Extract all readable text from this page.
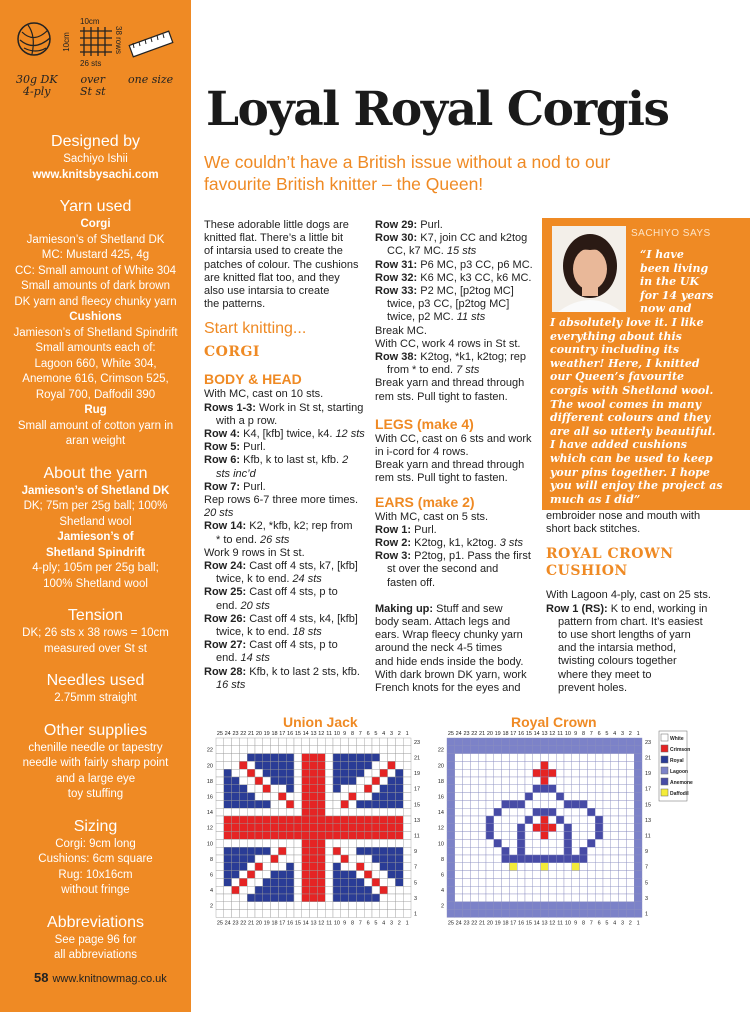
10cm
10cm	38 rows
26 sts
30g DK
4-ply
over
St st
one size
Designed by
Sachiyo Ishii
www.knitsbysachi.com
Yarn used
Corgi
Jamieson’s of Shetland DK
MC: Mustard 425, 4g
CC: Small amount of White 304
Small amounts of dark brown
DK yarn and fleecy chunky yarn
Cushions
Jamieson’s of Shetland Spindrift
Small amounts each of:
Lagoon 660, White 304,
Anemone 616, Crimson 525,
Royal 700, Daffodil 390
Rug
Small amount of cotton yarn in
aran weight
About the yarn
Jamieson’s of Shetland DK
DK; 75m per 25g ball; 100%
Shetland wool
Jamieson’s of
Shetland Spindrift
4-ply; 105m per 25g ball;
100% Shetland wool
Tension
DK; 26 sts x 38 rows = 10cm
measured over St st
Needles used
2.75mm straight
Other supplies
chenille needle or tapestry
needle with fairly sharp point
and a large eye
toy stuffing
Sizing
Corgi: 9cm long
Cushions: 6cm square
Rug: 10x16cm
without fringe
Abbreviations
See page 96 for
all abbreviations
58 www.knitnowmag.co.uk
Loyal Royal Corgis
We couldn’t have a British issue without a nod to our favourite British knitter – the Queen!

These adorable little dogs are

knitted flat. There’s a little bit

of intarsia used to create the

patches of colour. The cushions

are knitted flat too, and they

also use intarsia to create

the patterns.

Start knitting...
CORGI
BODY & HEAD

With MC, cast on 10 sts.

Rows 1-3: Work in St st, starting

with a p row.

Row 4: K4, [kfb] twice, k4. 12 sts

Row 5: Purl.

Row 6: Kfb, k to last st, kfb. 2

sts inc’d

Row 7: Purl.

Rep rows 6-7 three more times.

20 sts

Row 14: K2, *kfb, k2; rep from

* to end. 26 sts

Work 9 rows in St st.

Row 24: Cast off 4 sts, k7, [kfb]

twice, k to end. 24 sts

Row 25: Cast off 4 sts, p to

end. 20 sts

Row 26: Cast off 4 sts, k4, [kfb]

twice, k to end. 18 sts

Row 27: Cast off 4 sts, p to

end. 14 sts

Row 28: Kfb, k to last 2 sts, kfb.

16 sts

Row 29: Purl.

Row 30: K7, join CC and k2tog

CC, k7 MC. 15 sts

Row 31: P6 MC, p3 CC, p6 MC.

Row 32: K6 MC, k3 CC, k6 MC.

Row 33: P2 MC, [p2tog MC]

twice, p3 CC, [p2tog MC]

twice, p2 MC. 11 sts

Break MC.

With CC, work 4 rows in St st.

Row 38: K2tog, *k1, k2tog; rep

from * to end. 7 sts

Break yarn and thread through

rem sts. Pull tight to fasten.

LEGS (make 4)

With CC, cast on 6 sts and work

in i-cord for 4 rows.

Break yarn and thread through

rem sts. Pull tight to fasten.

EARS (make 2)

With MC, cast on 5 sts.

Row 1: Purl.

Row 2: K2tog, k1, k2tog. 3 sts

Row 3: P2tog, p1. Pass the first

st over the second and

fasten off.

Making up: Stuff and sew

body seam. Attach legs and

ears. Wrap fleecy chunky yarn

around the neck 4-5 times

and hide ends inside the body.

With dark brown DK yarn, work

French knots for the eyes and

SACHIYO SAYS

“I have

been living

in the UK

for 14 years

now and

I absolutely love it. I like

everything about this

country including its

weather! Here, I knitted

our Queen’s favourite

corgis with Shetland wool.

The wool comes in many

different colours and they

are all so utterly beautiful.

I have added cushions

which can be used to keep

your pins together. I hope

you will enjoy the project as

much as I did”

embroider nose and mouth with

short back stitches.

ROYAL CROWN CUSHION

With Lagoon 4-ply, cast on 25 sts.

Row 1 (RS): K to end, working in

pattern from chart. It’s easiest

to use short lengths of yarn

and the intarsia method,

twisting colours together

where they meet to

prevent holes.

Union Jack	Royal Crown
25
25
24
24
23
23
22
22
21
21
20
20
19
19
18
18
17
17
16
16
15
15
14
14
13
13
12
12
11
11
10
10
9
9
8
8
7
7
6
6
5
5
4
4
3
3
2
2
1
1
22
20
18
16
14
12
10
8
6
4
2
23
21
19
17
15
13
11
9
7
5
3
1
25
25
24
24
23
23
22
22
21
21
20
20
19
19
18
18
17
17
16
16
15
15
14
14
13
13
12
12
11
11
10
10
9
9
8
8
7
7
6
6
5
5
4
4
3
3
2
2
1
1
22
20
18
16
14
12
10
8
6
4
2
23
21
19
17
15
13
11
9
7
5
3
1
White
Crimson
Royal
Lagoon
Anemone
Daffodil
